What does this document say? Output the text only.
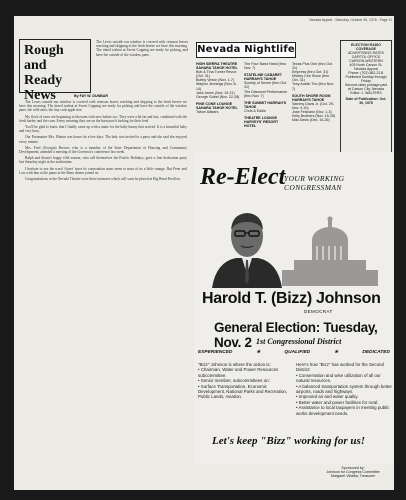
Nevada Appeal - Saturday, October 30, 1976 - Page 11
Rough and Ready News
The Lewis outside our window is covered with crimson leaves reaching and skipping to the fresh breeze we have this morning. The tinted walnut at Sweet Cupping are ready for picking, and have the outside of the window pane.
By FAY W. DUNBAR

The Lewis outside our window is covered with crimson leaves reaching and skipping to the fresh breeze we have this morning. The tinted walnut at Sweet Cupping are ready for picking and have the outside of the window pane, the wild aster, the tiny crab apple tree.

My flock of ewes are beginning to blossom with new babies too. They were a bit fat and fast, combined with the fresh barley and the corn. Every morning they are on the barn porch looking for their feed.

You'll be glad to know that I finally came up with a name for the baby bunny that arrived. It is a beautiful baby and very busy.

Our Postmaster Mrs. Hinton was home for a few days. The lady was invited to a party and she said she enjoyed every minute.

Mrs. Fred (Georgia) Brewer, who is a member of the State Department of Housing and Community Development, attended a meeting of the Governor's conference last week.

Ralph and Susan's happy fifth season, who call themselves the Pacific Holidays, gave a fine dedication party last Saturday night at the auditorium.

I hesitate to use the word 'closer' since its connotation must seem to most of us a little strange. But Peter and Lois with him at the piano at the Reno dinner joined us.

Congratulations to the Nevada Theatre were three treasures which will soon be placed at Big Bend Pavilion.

Nevada Nightlife
HIGH SIERRA THEATRE SAHARA TAHOE HOTEL
Bob & Tina Turner Revue (Oct. 31)
Bobby Vinton (Nov. 1-7)
Waylon Jennings (Nov. 8-14)
Jack Jones (Nov. 15-21)
George Gobel (Nov. 22-28)
PINE CONE LOUNGE SAHARA TAHOE HOTEL
Tahoe Allstars
The Four Band Hand (thru Nov. 7)
STATELINE CABARET HARRAH'S TAHOE
Society of Seven (thru Oct. 31)
The Diamond Performance (thru Nov. 7)
THE SUMMIT HARRAH'S TAHOE
Chris & Eddie
THEATRE LOUNGE HARVEYS' RESORT HOTEL
Texas Plus One (thru Oct. 31)
Empress (thru Oct. 31)
Mickey Cee Show (thru Oct. 31)
Tony Austin Trio (thru Nov. 7)
SOUTH SHORE ROOM HARRAH'S TAHOE
Sammy Davis Jr. (Oct. 29-Nov. 4-10)
Jose Feliciano (Nov. 1-3)
Kelly Brothers (Nov. 15-28)
Mac Davis (Dec. 15-26)
ELECTION RADIO COVERAGE
ADVERTISING RATES
CAPITOL OFFICE
CARSON-WESTERN
405 North Carson St.
Nevada Appeal
Phone: (702) 882-2111
Published Sunday through Friday
Second-class postage paid
at Carson City, Nevada
Editor: J. WALTERS
Date of Publication: Oct. 30, 1976
Re-Elect
YOUR WORKING CONGRESSMAN
Harold T. (Bizz) Johnson
DEMOCRAT
General Election: Tuesday, Nov. 2 1st Congressional District
EXPERIENCED	★	QUALIFIED	★	DEDICATED
"Bizz" Johnson is where the action is:
• Chairman, Water and Power Resources subcommittee.
• Senior member, subcommittees on:
• Surface Transportation, Economic Development, National Parks and Recreation, Public Lands, Aviation.
Here's how "Bizz" has worked for the Second District:
• Conservation and wise utilization of all our natural resources.
• A balanced transportation system through better airports, roads and highways.
• Improved air and water quality.
• Better water and power facilities for rural.
• Assistance to local taxpayers in meeting public works development needs.
Let's keep "Bizz" working for us!
Sponsored by:
Johnson for Congress Committee
Margaret Villalba, Treasurer
